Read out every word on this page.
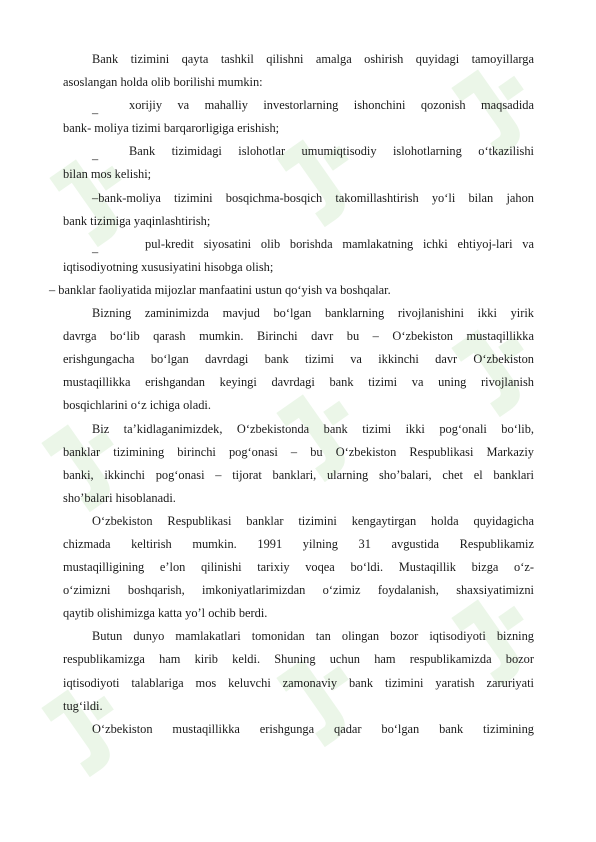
Bank tizimini qayta tashkil qilishni amalga oshirish quyidagi tamoyillarga
asoslangan holda olib borilishi mumkin:
–xorijiy va mahalliy investorlarning ishonchini qozonish maqsadida
bank- moliya tizimi barqarorligiga erishish;
–Bank tizimidagi islohotlar umumiqtisodiy islohotlarning o‘tkazilishi
bilan mos kelishi;
–bank-moliya tizimini bosqichma-bosqich takomillashtirish yo‘li bilan jahon
bank tizimiga yaqinlashtirish;
–pul-kredit siyosatini olib borishda mamlakatning ichki ehtiyoj-lari va
iqtisodiyotning xususiyatini hisobga olish;
– banklar faoliyatida mijozlar manfaatini ustun qo‘yish va boshqalar.
Bizning zaminimizda mavjud bo‘lgan banklarning rivojlanishini ikki yirik
davrga bo‘lib qarash mumkin. Birinchi davr bu – O‘zbekiston mustaqillikka
erishgungacha bo‘lgan davrdagi bank tizimi va ikkinchi davr O‘zbekiston
mustaqillikka erishgandan keyingi davrdagi bank tizimi va uning rivojlanish
bosqichlarini o‘z ichiga oladi.
Biz ta’kidlaganimizdek, O‘zbekistonda bank tizimi ikki pog‘onali bo‘lib,
banklar tizimining birinchi pog‘onasi – bu O‘zbekiston Respublikasi Markaziy
banki, ikkinchi pog‘onasi – tijorat banklari, ularning sho’balari, chet el banklari
sho’balari hisoblanadi.
O‘zbekiston Respublikasi banklar tizimini kengaytirgan holda quyidagicha
chizmada keltirish mumkin. 1991 yilning 31 avgustida Respublikamiz
mustaqilligining e’lon qilinishi tarixiy voqea bo‘ldi. Mustaqillik bizga o‘z-
o‘zimizni boshqarish, imkoniyatlarimizdan o‘zimiz foydalanish, shaxsiyatimizni
qaytib olishimizga katta yo’l ochib berdi.
Butun dunyo mamlakatlari tomonidan tan olingan bozor iqtisodiyoti bizning
respublikamizga ham kirib keldi. Shuning uchun ham respublikamizda bozor
iqtisodiyoti talablariga mos keluvchi zamonaviy bank tizimini yaratish zaruriyati
tug‘ildi.
O‘zbekiston mustaqillikka erishgunga qadar bo‘lgan bank tizimining
